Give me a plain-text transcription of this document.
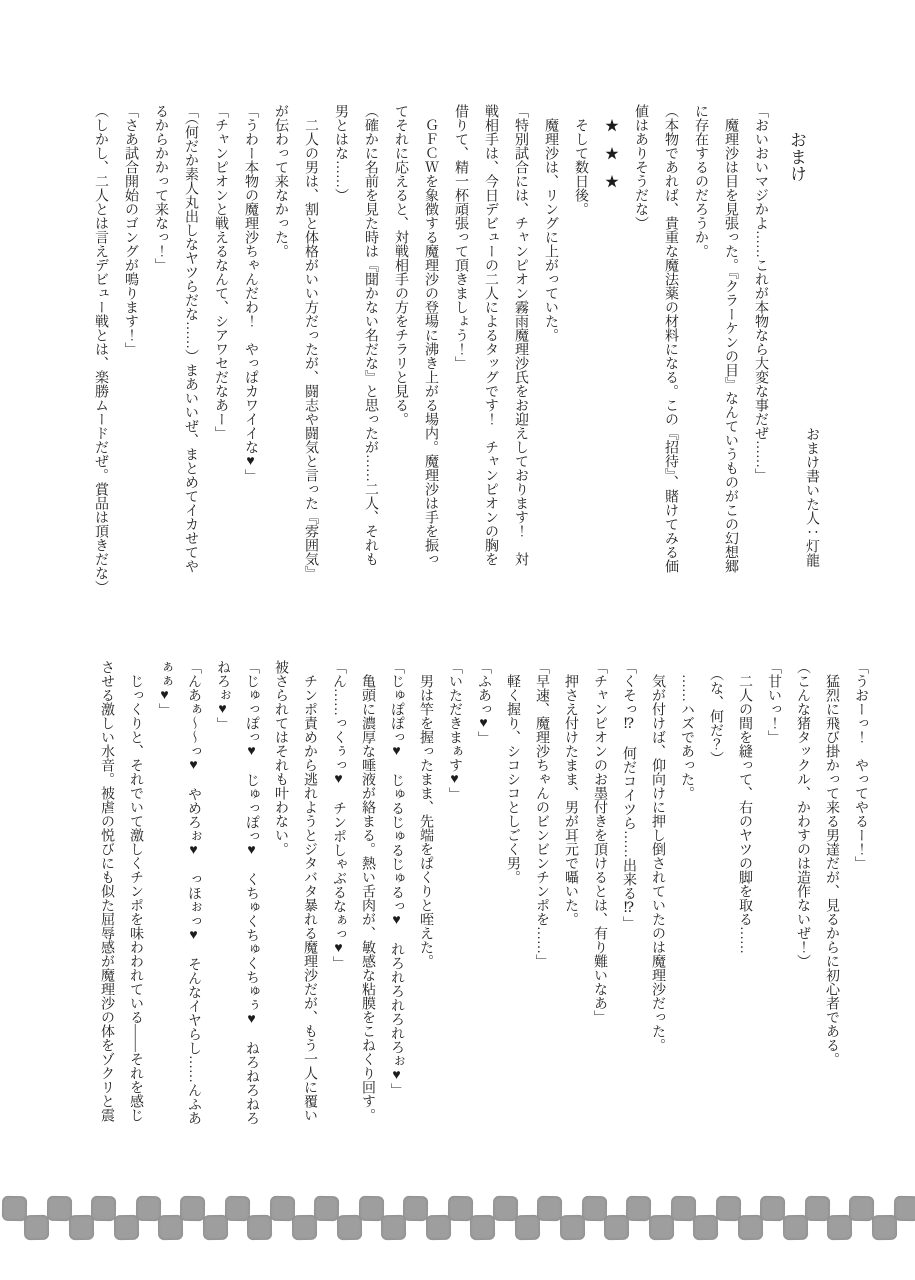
おまけ
おまけ書いた人：灯龍
「おいおいマジかよ……これが本物なら大変な事だぜ……」
　魔理沙は目を見張った。『クラーケンの目』なんていうものがこの幻想郷
に存在するのだろうか。
（本物であれば、貴重な魔法薬の材料になる。この『招待』、賭けてみる価
値はありそうだな）
　★　★　★
　そして数日後。
　魔理沙は、リングに上がっていた。
「特別試合には、チャンピオン霧雨魔理沙氏をお迎えしております！　対
戦相手は、今日デビューの二人によるタッグです！　チャンピオンの胸を
借りて、精一杯頑張って頂きましょう！」
　ＧＦＣＷを象徴する魔理沙の登場に沸き上がる場内。魔理沙は手を振っ
てそれに応えると、対戦相手の方をチラリと見る。
（確かに名前を見た時は『聞かない名だな』と思ったが……二人、それも
男とはな……）
　二人の男は、割と体格がいい方だったが、闘志や闘気と言った『雰囲気』
が伝わって来なかった。
「うわー本物の魔理沙ちゃんだわ！　やっぱカワイイな♥」
「チャンピオンと戦えるなんて、シアワセだなあー」
「（何だか素人丸出しなヤツらだな……）まあいいぜ、まとめてイカせてや
るからかかって来なっ！」
「さあ試合開始のゴングが鳴ります！」
（しかし、二人とは言えデビュー戦とは、楽勝ムードだぜ。賞品は頂きだな）
「うおーっ！　やってやるー！」
　猛烈に飛び掛かって来る男達だが、見るからに初心者である。
（こんな猪タックル、かわすのは造作ないぜ！）
「甘いっ！」
　二人の間を縫って、右のヤツの脚を取る……
　（な、何だ？）
　……ハズであった。
　気が付けば、仰向けに押し倒されていたのは魔理沙だった。
「くそっ⁉　何だコイツら……出来る⁉」
「チャンピオンのお墨付きを頂けるとは、有り難いなあ」
　押さえ付けたまま、男が耳元で囁いた。
「早速、魔理沙ちゃんのビンビンチンポを……」
　軽く握り、シコシコとしごく男。
「ふあっ♥」
「いただきまぁす♥」
　男は竿を握ったまま、先端をぱくりと咥えた。
「じゅぽぽっ♥　じゅるじゅるじゅるっ♥　れろれろれろれろぉ♥」
　亀頭に濃厚な唾液が絡まる。熱い舌肉が、敏感な粘膜をこねくり回す。
「ん……っくぅっ♥　チンポしゃぶるなぁっ♥」
　チンポ責めから逃れようとジタバタ暴れる魔理沙だが、もう一人に覆い
被さられてはそれも叶わない。
「じゅっぽっ♥　じゅっぽっ♥　くちゅくちゅくちゅぅ♥　ねろねろねろ
ねろぉ♥」
「んあぁ～～っ♥　やめろぉ♥　っほぉっ♥　そんなイヤらし……んふあ
ぁぁ♥」
　じっくりと、それでいて激しくチンポを味わわれている――それを感じ
させる激しい水音。被虐の悦びにも似た屈辱感が魔理沙の体をゾクリと震
